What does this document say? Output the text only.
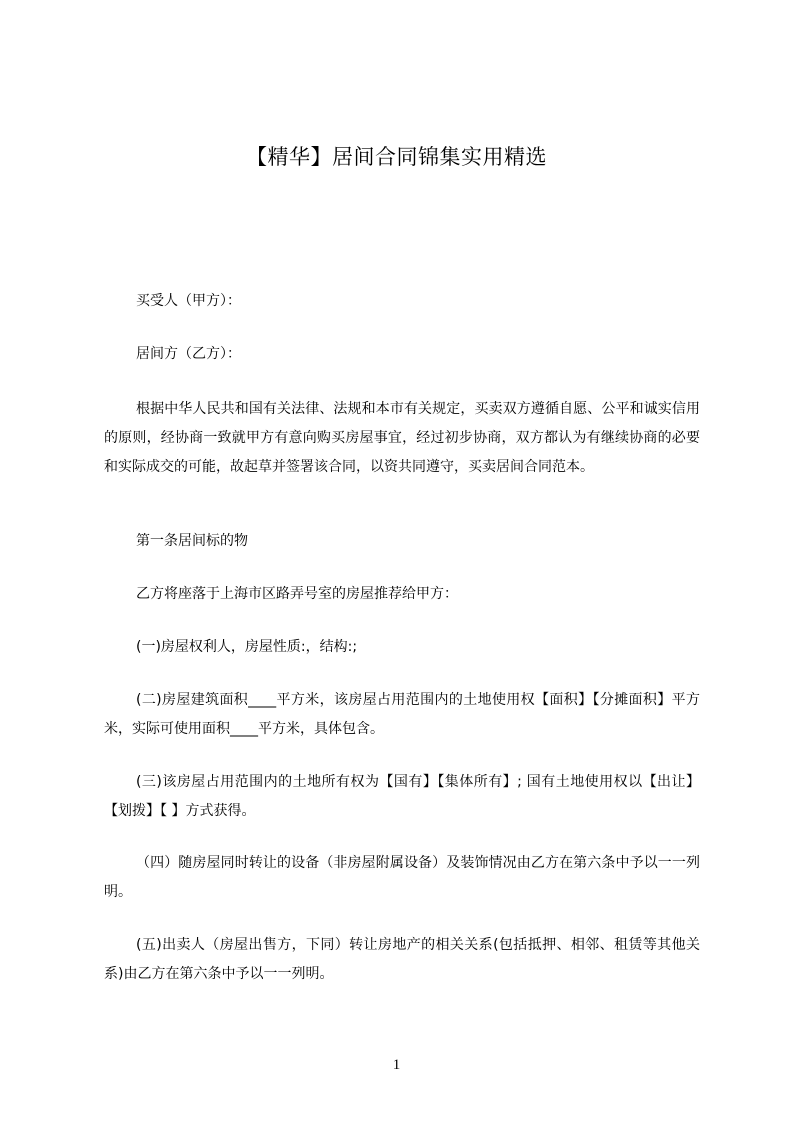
【精华】居间合同锦集实用精选
买受人（甲方）：
居间方（乙方）：
根据中华人民共和国有关法律、法规和本市有关规定，买卖双方遵循自愿、公平和诚实信用的原则，经协商一致就甲方有意向购买房屋事宜，经过初步协商，双方都认为有继续协商的必要和实际成交的可能，故起草并签署该合同，以资共同遵守，买卖居间合同范本。
第一条居间标的物
乙方将座落于上海市区路弄号室的房屋推荐给甲方：
(一)房屋权利人，房屋性质:，结构:;
(二)房屋建筑面积____平方米，该房屋占用范围内的土地使用权【面积】【分摊面积】平方米，实际可使用面积____平方米，具体包含。
(三)该房屋占用范围内的土地所有权为【国有】【集体所有】; 国有土地使用权以【出让】【划拨】【 】方式获得。
（四）随房屋同时转让的设备（非房屋附属设备）及装饰情况由乙方在第六条中予以一一列明。
(五)出卖人（房屋出售方，下同）转让房地产的相关关系(包括抵押、相邻、租赁等其他关系)由乙方在第六条中予以一一列明。
1
